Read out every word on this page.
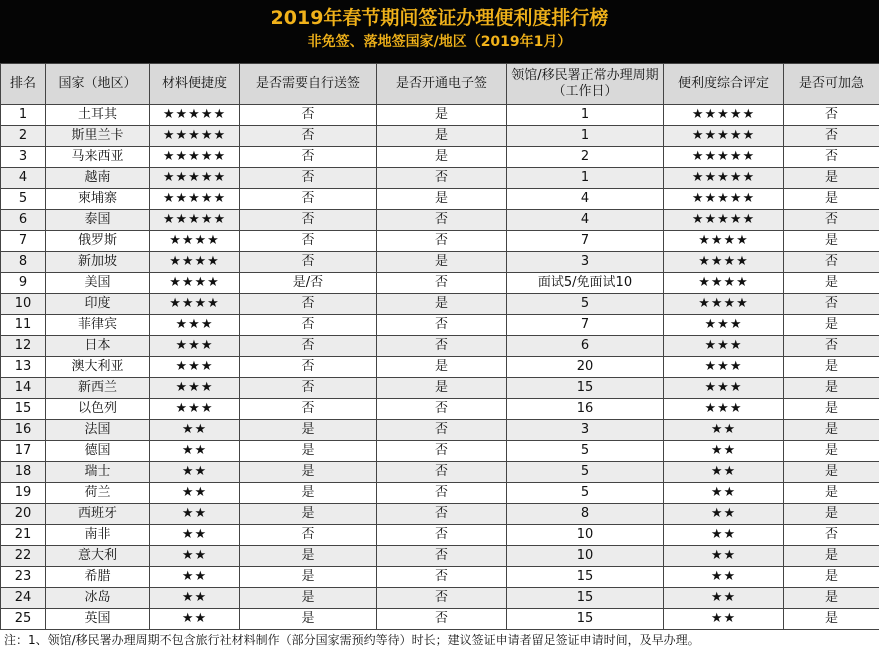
2019年春节期间签证办理便利度排行榜
非免签、落地签国家/地区（2019年1月）
排名	国家（地区）	材料便捷度	是否需要自行送签	是否开通电子签	领馆/移民署正常办理周期（工作日）	便利度综合评定	是否可加急
1	土耳其	★★★★★	否	是	1	★★★★★	否
2	斯里兰卡	★★★★★	否	是	1	★★★★★	否
3	马来西亚	★★★★★	否	是	2	★★★★★	否
4	越南	★★★★★	否	否	1	★★★★★	是
5	柬埔寨	★★★★★	否	是	4	★★★★★	是
6	泰国	★★★★★	否	否	4	★★★★★	否
7	俄罗斯	★★★★	否	否	7	★★★★	是
8	新加坡	★★★★	否	是	3	★★★★	否
9	美国	★★★★	是/否	否	面试5/免面试10	★★★★	是
10	印度	★★★★	否	是	5	★★★★	否
11	菲律宾	★★★	否	否	7	★★★	是
12	日本	★★★	否	否	6	★★★	否
13	澳大利亚	★★★	否	是	20	★★★	是
14	新西兰	★★★	否	是	15	★★★	是
15	以色列	★★★	否	否	16	★★★	是
16	法国	★★	是	否	3	★★	是
17	德国	★★	是	否	5	★★	是
18	瑞士	★★	是	否	5	★★	是
19	荷兰	★★	是	否	5	★★	是
20	西班牙	★★	是	否	8	★★	是
21	南非	★★	否	否	10	★★	否
22	意大利	★★	是	否	10	★★	是
23	希腊	★★	是	否	15	★★	是
24	冰岛	★★	是	否	15	★★	是
25	英国	★★	是	否	15	★★	是
注：1、领馆/移民署办理周期不包含旅行社材料制作（部分国家需预约等待）时长；建议签证申请者留足签证申请时间，及早办理。
